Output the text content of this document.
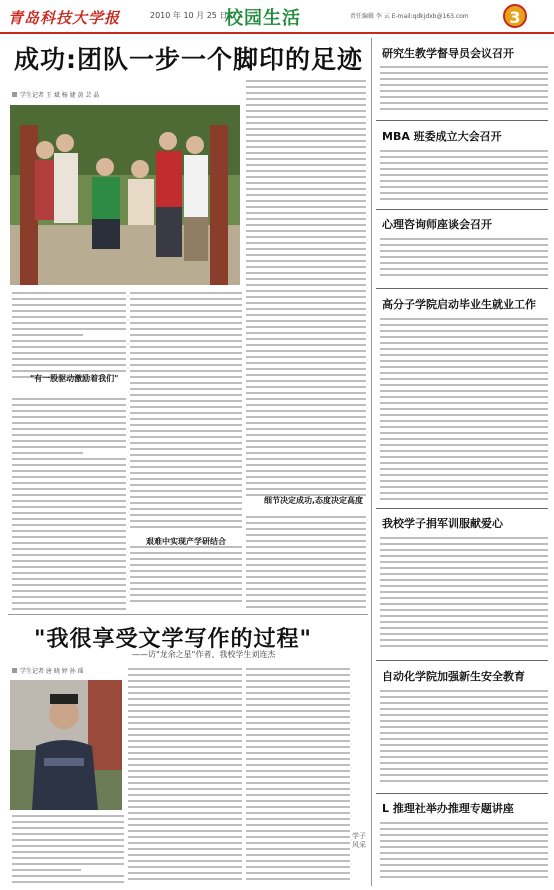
青岛科技大学报	2010 年 10 月 25 日
校园生活	责任编辑 李 云 E-mail:qdkjdxb@163.com	3
成功:团队一步一个脚印的足迹
学生记者 王 斌 杨 婕 黄 芸 晶
"有一股驱动激励着我们"
艰难中实现产学研结合
细节决定成功,态度决定高度
"我很享受文学写作的过程"
——访"龙余之星"作者、我校学生刘连杰
学生记者 唐 晓 婷 孙 瑶
学子风采
研究生教学督导员会议召开
MBA 班委成立大会召开
心理咨询师座谈会召开
高分子学院启动毕业生就业工作
我校学子捐军训服献爱心
自动化学院加强新生安全教育
L 推理社举办推理专题讲座
